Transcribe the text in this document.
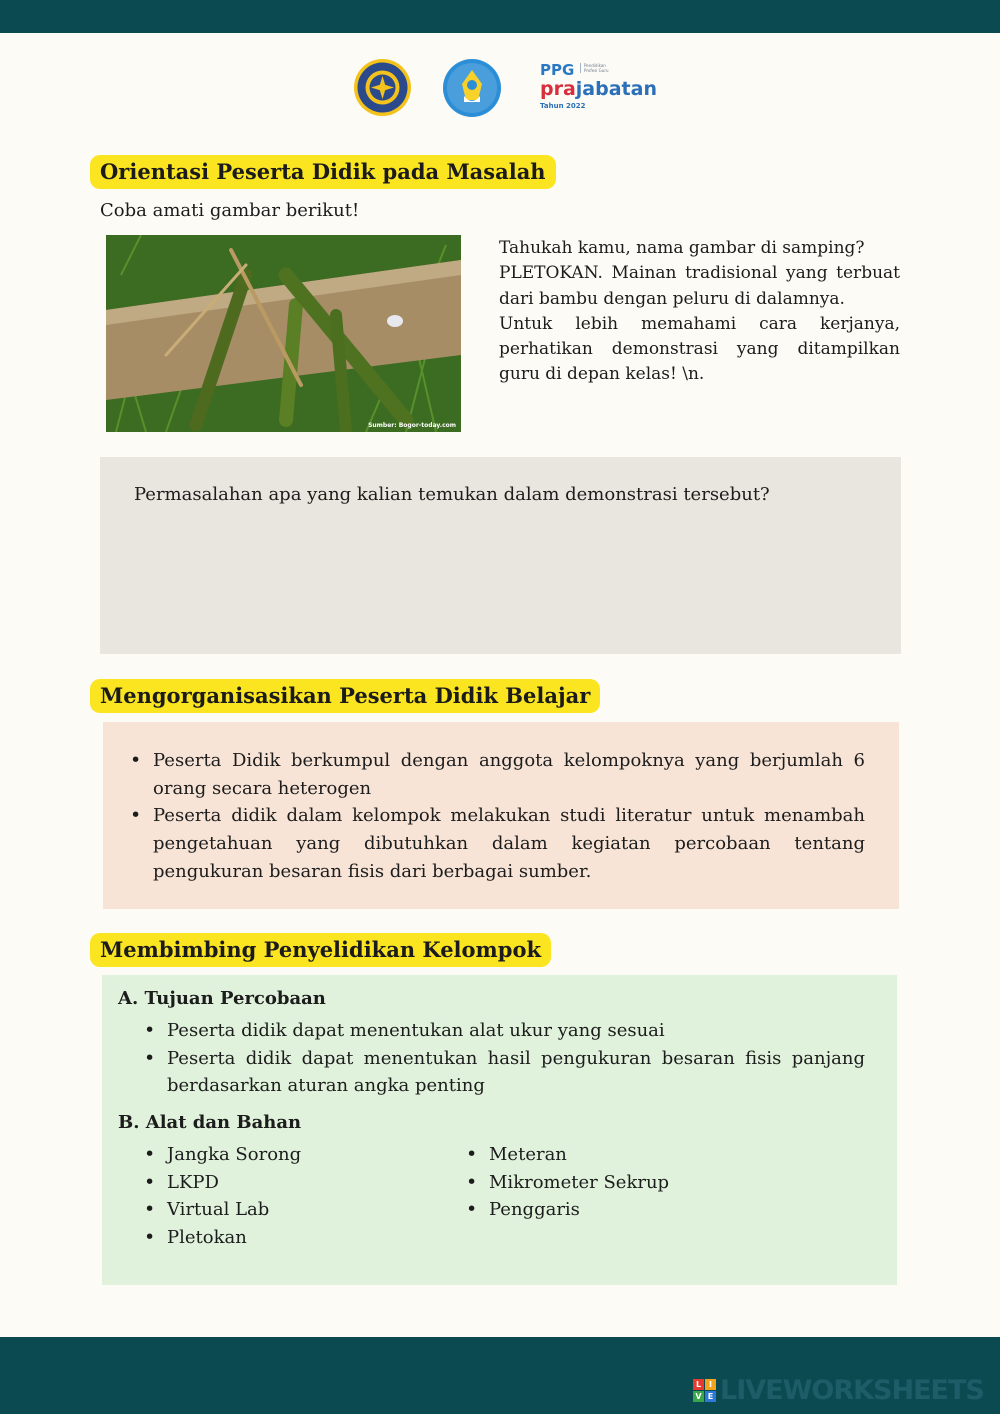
PPG	Pendidikan Profesi Guru
prajabatan
Tahun 2022
Orientasi Peserta Didik pada Masalah
Coba amati gambar berikut!
Sumber: Bogor-today.com

Tahukah kamu, nama gambar di samping?

PLETOKAN. Mainan tradisional yang terbuat dari bambu dengan peluru di dalamnya.

Untuk lebih memahami cara kerjanya, perhatikan demonstrasi yang ditampilkan guru di depan kelas! \n.

Permasalahan apa yang kalian temukan dalam demonstrasi tersebut?
Mengorganisasikan Peserta Didik Belajar
• Peserta Didik berkumpul dengan anggota kelompoknya yang berjumlah 6 orang secara heterogen
• Peserta didik dalam kelompok melakukan studi literatur untuk menambah pengetahuan yang dibutuhkan dalam kegiatan percobaan tentang pengukuran besaran fisis dari berbagai sumber.
Membimbing Penyelidikan Kelompok
A. Tujuan Percobaan
• Peserta didik dapat menentukan alat ukur yang sesuai
• Peserta didik dapat menentukan hasil pengukuran besaran fisis panjang berdasarkan aturan angka penting
B. Alat dan Bahan
• Jangka Sorong
• LKPD
• Virtual Lab
• Pletokan
• Meteran
• Mikrometer Sekrup
• Penggaris
L I
V E LIVEWORKSHEETS
